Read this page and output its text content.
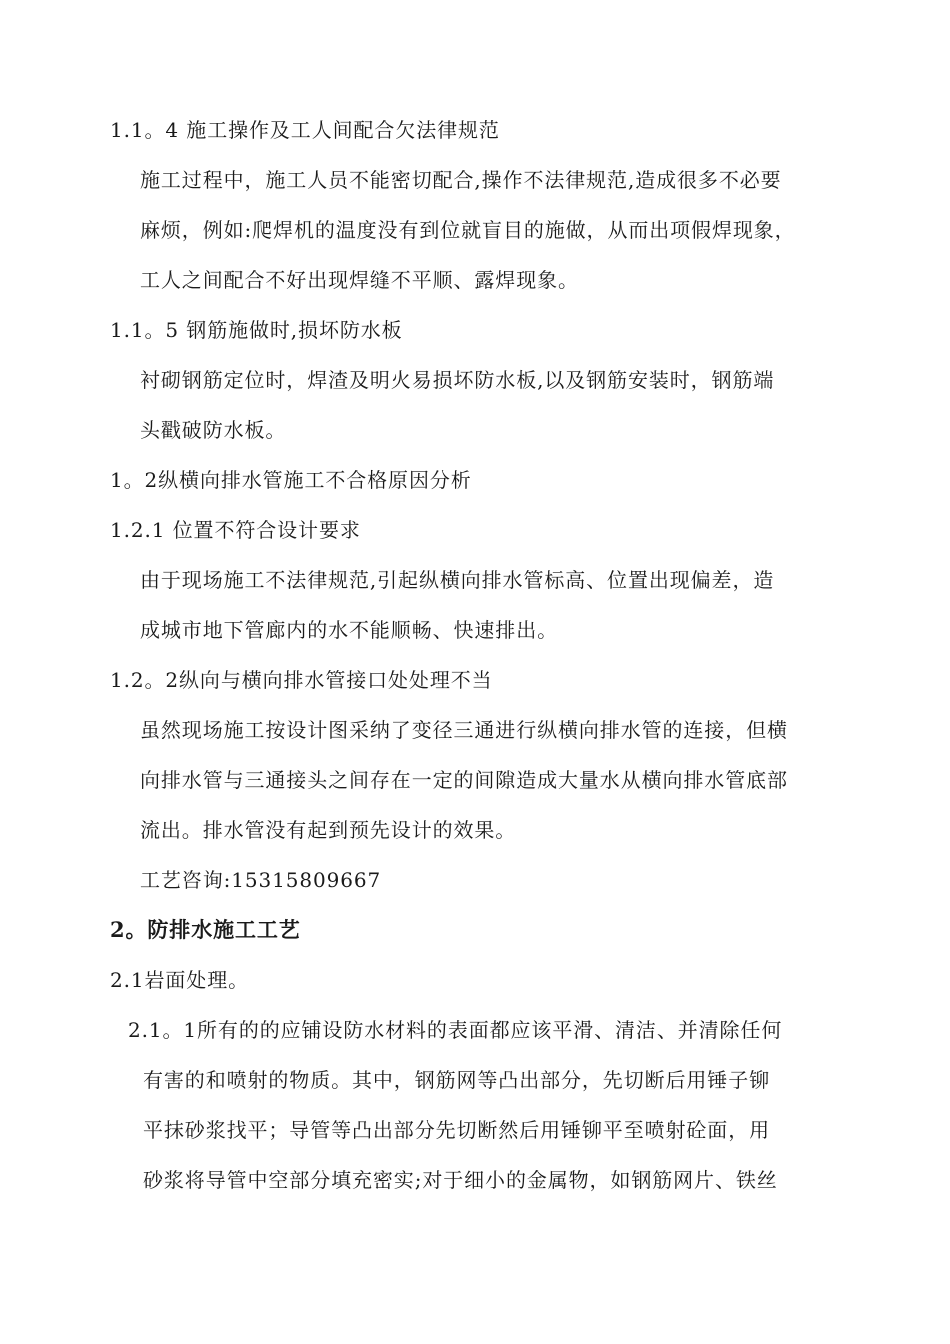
1.1。4 施工操作及工人间配合欠法律规范
施工过程中，施工人员不能密切配合,操作不法律规范,造成很多不必要
麻烦，例如:爬焊机的温度没有到位就盲目的施做，从而出项假焊现象，
工人之间配合不好出现焊缝不平顺、露焊现象。
1.1。5 钢筋施做时,损坏防水板
衬砌钢筋定位时，焊渣及明火易损坏防水板,以及钢筋安装时，钢筋端
头戳破防水板。
1。2纵横向排水管施工不合格原因分析
1.2.1 位置不符合设计要求
由于现场施工不法律规范,引起纵横向排水管标高、位置出现偏差，造
成城市地下管廊内的水不能顺畅、快速排出。
1.2。2纵向与横向排水管接口处处理不当
虽然现场施工按设计图采纳了变径三通进行纵横向排水管的连接，但横
向排水管与三通接头之间存在一定的间隙造成大量水从横向排水管底部
流出。排水管没有起到预先设计的效果。
工艺咨询:15315809667
2。防排水施工工艺
2.1岩面处理。
2.1。1所有的的应铺设防水材料的表面都应该平滑、清洁、并清除任何
有害的和喷射的物质。其中，钢筋网等凸出部分，先切断后用锤子铆
平抹砂浆找平；导管等凸出部分先切断然后用锤铆平至喷射砼面，用
砂浆将导管中空部分填充密实;对于细小的金属物，如钢筋网片、铁丝
